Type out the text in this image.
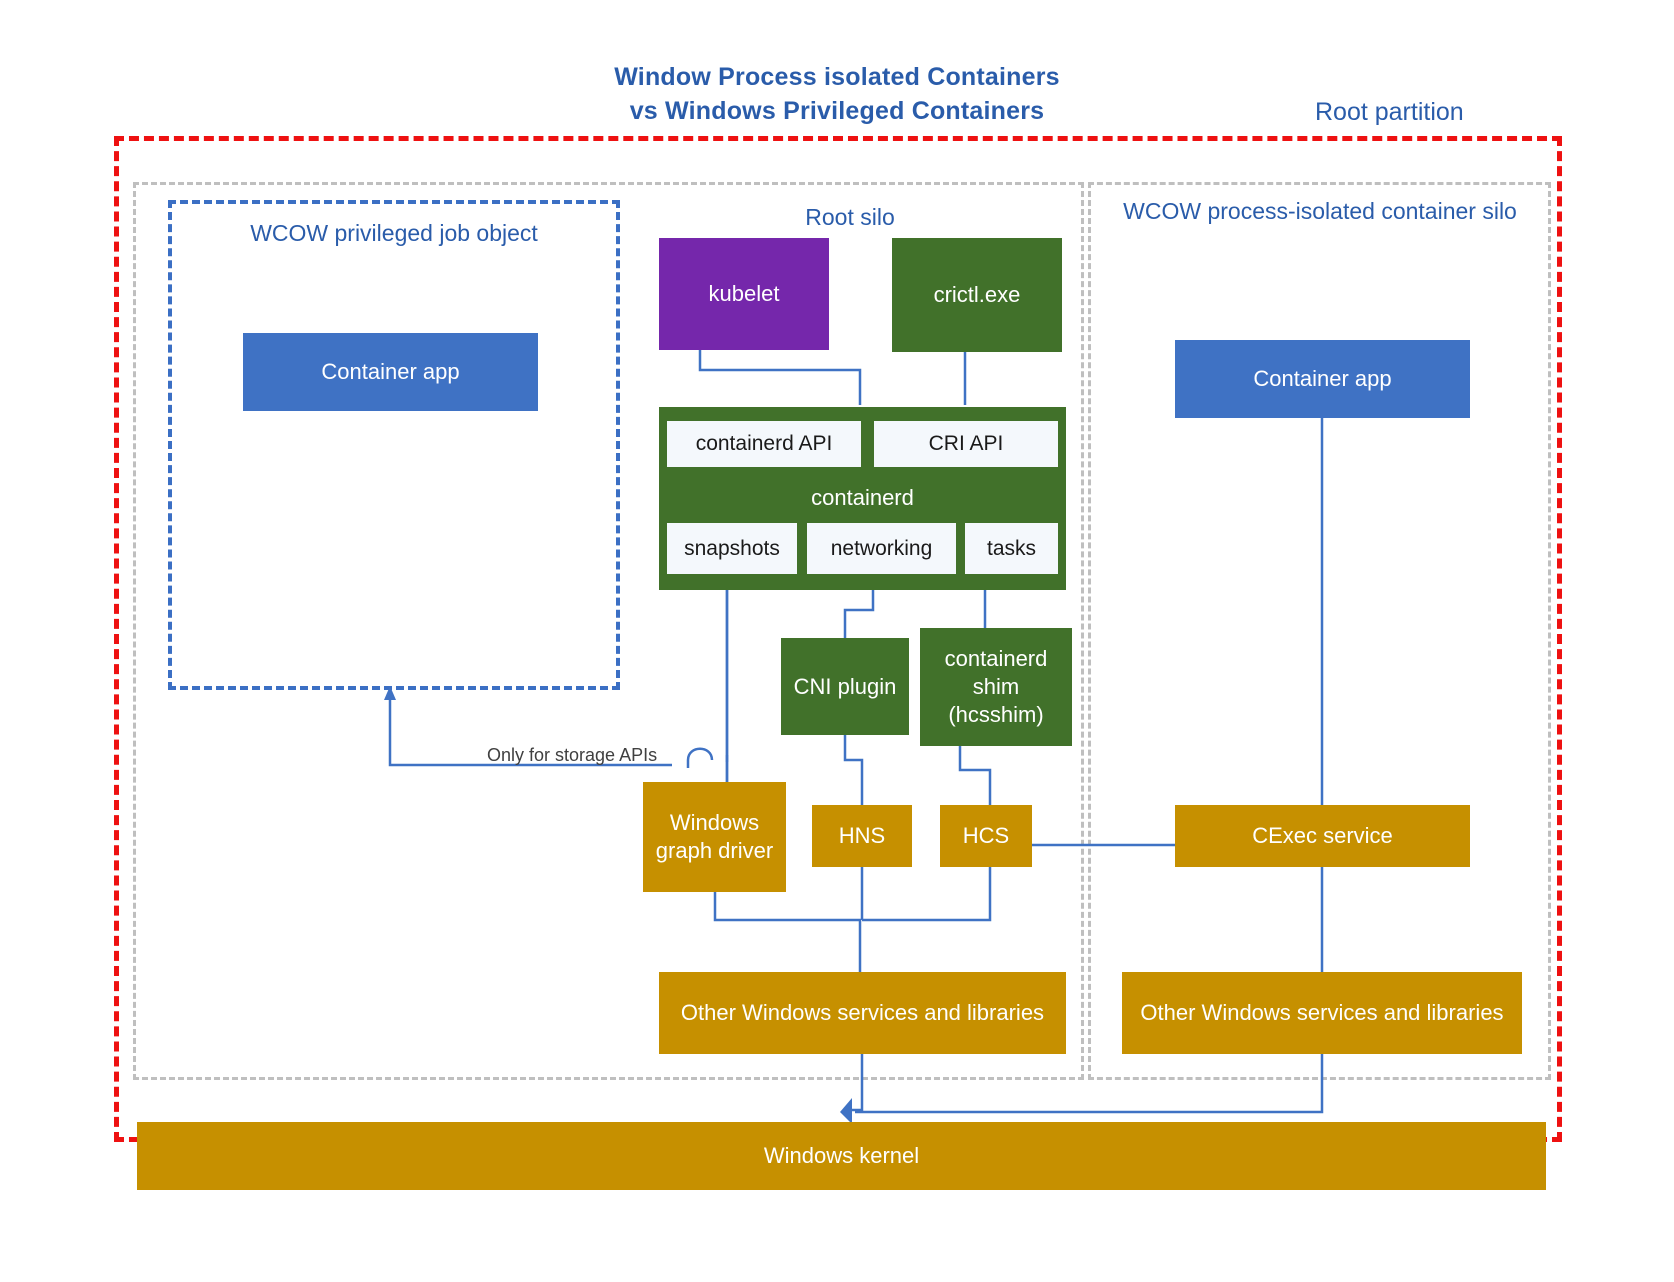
Window Process isolated Containers
vs Windows Privileged Containers	Root partition
WCOW privileged job object
Root silo	WCOW process-isolated container silo
Only for storage APIs
Container app
kubelet	crictl.exe
containerd API	CRI API
containerd
snapshots	networking	tasks
CNI plugin
containerd shim (hcsshim)
Windows graph driver
HNS	HCS
Other Windows services and libraries
Container app
CExec service
Other Windows services and libraries
Windows kernel
